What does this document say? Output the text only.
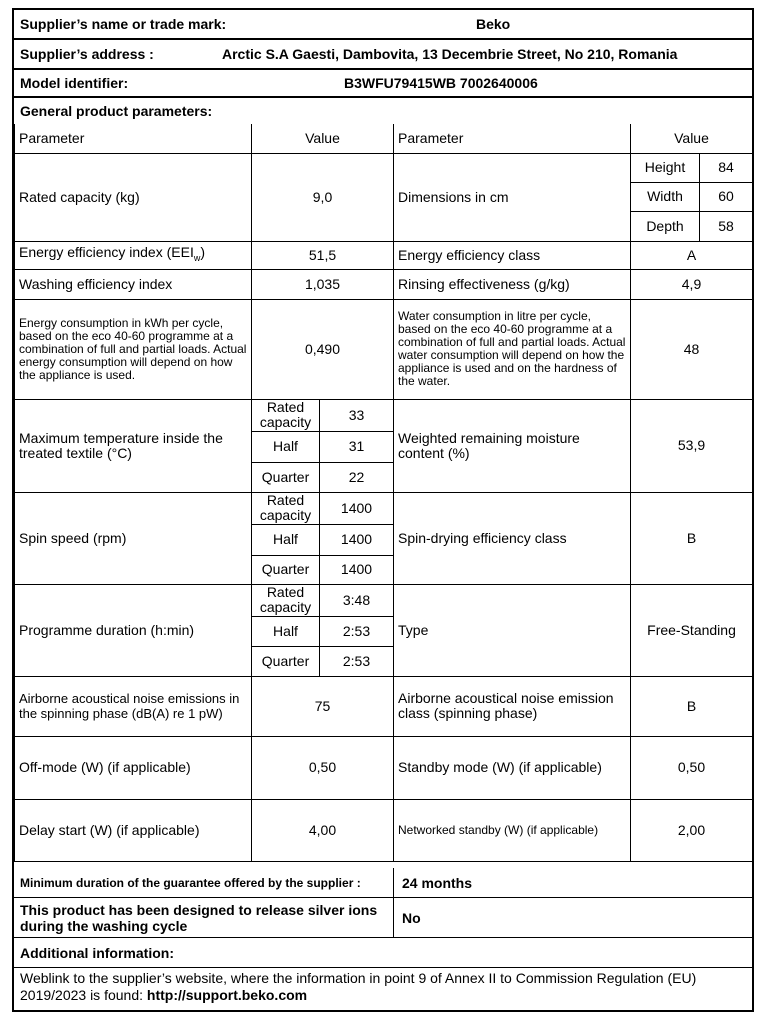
Supplier’s name or trade mark:	Beko
Supplier’s address :	Arctic S.A Gaesti, Dambovita, 13 Decembrie Street, No 210, Romania
Model identifier:	B3WFU79415WB 7002640006
General product parameters:
Parameter	Value		Parameter	Value	
Rated capacity (kg)	9,0		Dimensions in cm	Height	84
				Width	60
				Depth	58
Energy efficiency index $(EEI_w)$	51,5		Energy efficiency class	A	
Washing efficiency index	1,035		Rinsing effectiveness (g/kg)	4,9	

Energy consumption in kWh per cycle, based on the eco 40-60 programme at a combination of full and partial loads. Actual energy consumption will depend on how the appliance is used.	0,490		Water consumption in litre per cycle, based on the eco 40-60 programme at a combination of full and partial loads. Actual water consumption will depend on how the appliance is used and on the hardness of the water.	48	
Maximum temperature inside the treated textile (°C)	Rated capacity	33	Weighted remaining moisture content (%)	53,9	
	Half	31			
	Quarter	22			
Spin speed (rpm)	Rated capacity	1400	Spin-drying efficiency class	B	
	Half	1400			
	Quarter	1400			
Programme duration (h:min)	Rated capacity	3:48	Type	Free-Standing	
	Half	2:53			
	Quarter	2:53			

Airborne acoustical noise emissions in the spinning phase (dB(A) re 1 pW)	75		Airborne acoustical noise emission class (spinning phase)	B	
Off-mode (W) (if applicable)	0,50		Standby mode (W) (if applicable)	0,50	
Delay start (W) (if applicable)	4,00		Networked standby (W) (if applicable)	2,00	
Minimum duration of the guarantee offered by the supplier :	24 months
This product has been designed to release silver ions during the washing cycle	No
Additional information:
Weblink to the supplier’s website, where the information in point 9 of Annex II to Commission Regulation (EU) 2019/2023 is found: http://support.beko.com
